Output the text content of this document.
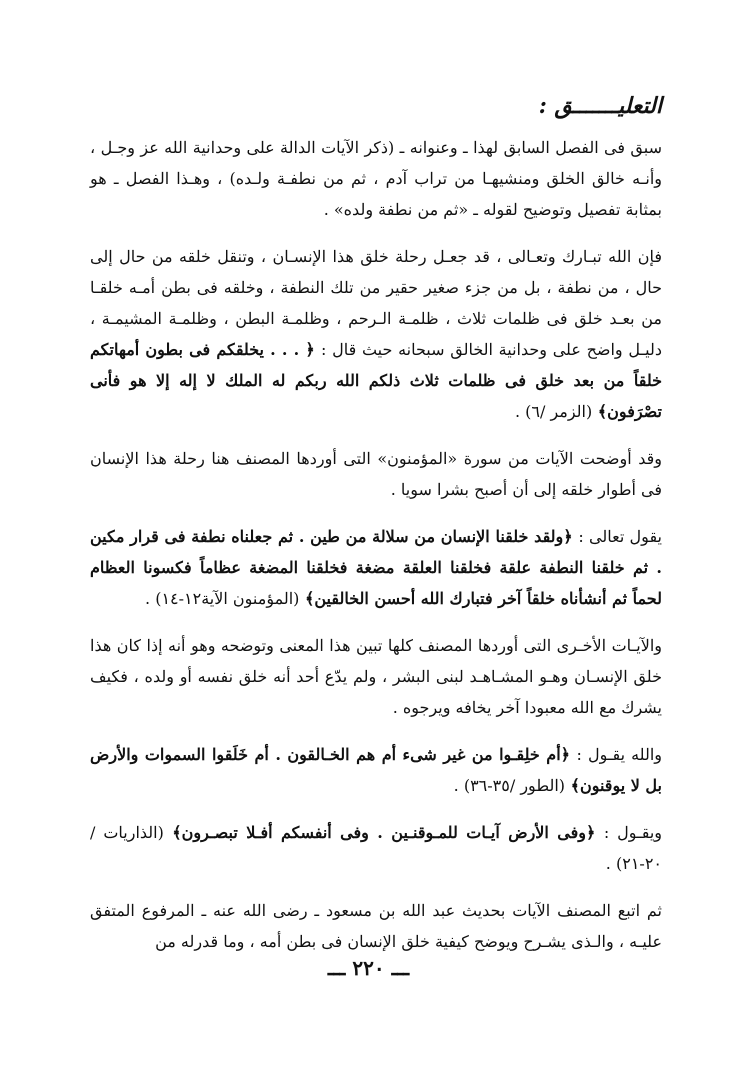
التعليـــــــق :

سبق فى الفصل السابق لهذا ـ وعنوانه ـ (ذكر الآيات الدالة على وحدانية الله عز وجـل ، وأنـه خالق الخلق ومنشيهـا من تراب آدم ، ثم من نطفـة ولـده) ، وهـذا الفصل ـ هو بمثابة تفصيل وتوضيح لقوله ـ «ثم من نطفة ولده» .

فإن الله تبـارك وتعـالى ، قد جعـل رحلة خلق هذا الإنسـان ، وتنقل خلقه من حال إلى حال ، من نطفة ، بل من جزء صغير حقير من تلك النطفة ، وخلقه فى بطن أمـه خلقـا من بعـد خلق فى ظلمات ثلاث ، ظلمـة الـرحم ، وظلمـة البطن ، وظلمـة المشيمـة ، دليـل واضح على وحدانية الخالق سبحانه حيث قال : ﴿ . . . يخلقكم فى بطون أمهاتكم خلقاً من بعد خلق فى ظلمات ثلاث ذلكم الله ربكم له الملك لا إله إلا هو فأنى تصْرَفون﴾ (الزمر /٦) .

وقد أوضحت الآيات من سورة «المؤمنون» التى أوردها المصنف هنا رحلة هذا الإنسان فى أطوار خلقه إلى أن أصبح بشرا سويا .

يقول تعالى : ﴿ولقد خلقنا الإنسان من سلالة من طين . ثم جعلناه نطفة فى قرار مكين . ثم خلقنا النطفة علقة فخلقنا العلقة مضغة فخلقنا المضغة عظاماً فكسونا العظام لحماً ثم أنشأناه خلقاً آخر فتبارك الله أحسن الخالقين﴾ (المؤمنون الآية١٢-١٤) .

والآيـات الأخـرى التى أوردها المصنف كلها تبين هذا المعنى وتوضحه وهو أنه إذا كان هذا خلق الإنسـان وهـو المشـاهـد لبنى البشر ، ولم يدّع أحد أنه خلق نفسه أو ولده ، فكيف يشرك مع الله معبودا آخر يخافه ويرجوه .

والله يقـول : ﴿أم خلِقـوا من غير شىء أم هم الخـالقون . أم خَلَقوا السموات والأرض بل لا يوقنون﴾ (الطور /٣٥-٣٦) .

ويقـول : ﴿وفى الأرض آيـات للمـوقنـين . وفى أنفسكم أفـلا تبصـرون﴾ (الذاريات /٢٠-٢١) .

ثم اتبع المصنف الآيات بحديث عبد الله بن مسعود ـ رضى الله عنه ـ المرفوع المتفق عليـه ، والـذى يشـرح ويوضح كيفية خلق الإنسان فى بطن أمه ، وما قدرله من

ـــ ٢٢٠ ـــ
